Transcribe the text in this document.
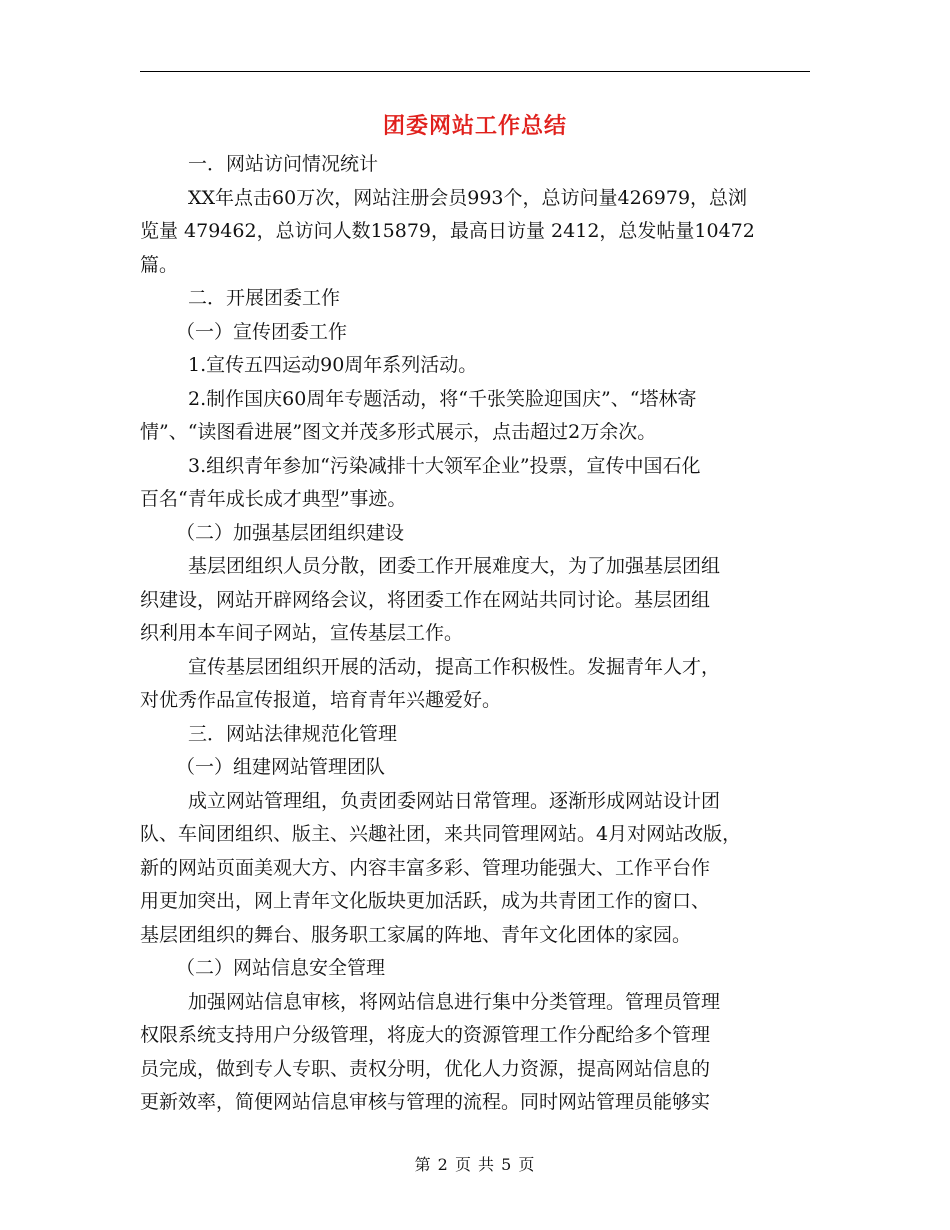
团委网站工作总结
一．网站访问情况统计
XX年点击60万次，网站注册会员993个，总访问量426979，总浏
览量 479462，总访问人数15879，最高日访量 2412，总发帖量10472
篇。
二．开展团委工作
（一）宣传团委工作
1.宣传五四运动90周年系列活动。
2.制作国庆60周年专题活动，将“千张笑脸迎国庆”、“塔林寄
情”、“读图看进展”图文并茂多形式展示，点击超过2万余次。
3.组织青年参加“污染减排十大领军企业”投票，宣传中国石化
百名“青年成长成才典型”事迹。
（二）加强基层团组织建设
基层团组织人员分散，团委工作开展难度大，为了加强基层团组
织建设，网站开辟网络会议，将团委工作在网站共同讨论。基层团组
织利用本车间子网站，宣传基层工作。
宣传基层团组织开展的活动，提高工作积极性。发掘青年人才，
对优秀作品宣传报道，培育青年兴趣爱好。
三．网站法律规范化管理
（一）组建网站管理团队
成立网站管理组，负责团委网站日常管理。逐渐形成网站设计团
队、车间团组织、版主、兴趣社团，来共同管理网站。4月对网站改版，
新的网站页面美观大方、内容丰富多彩、管理功能强大、工作平台作
用更加突出，网上青年文化版块更加活跃，成为共青团工作的窗口、
基层团组织的舞台、服务职工家属的阵地、青年文化团体的家园。
（二）网站信息安全管理
加强网站信息审核，将网站信息进行集中分类管理。管理员管理
权限系统支持用户分级管理，将庞大的资源管理工作分配给多个管理
员完成，做到专人专职、责权分明，优化人力资源，提高网站信息的
更新效率，简便网站信息审核与管理的流程。同时网站管理员能够实
第 2 页 共 5 页
